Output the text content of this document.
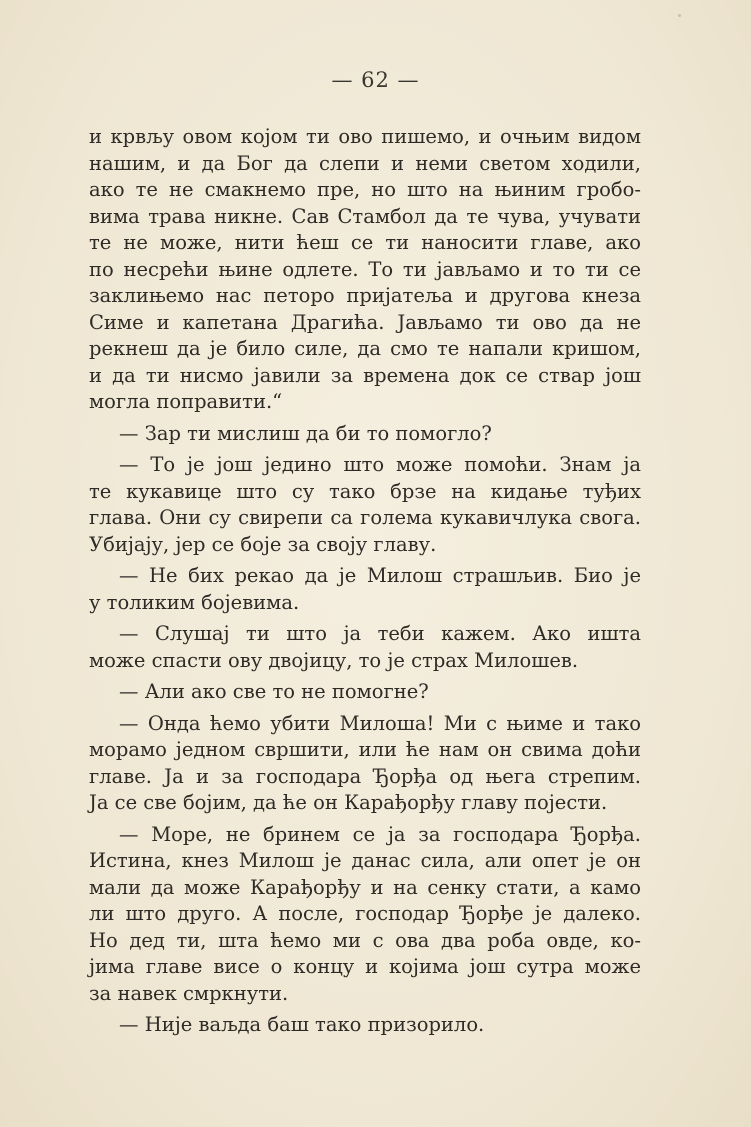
— 62 —
и крвљу овом којом ти ово пишемо, и очњим видом
нашим, и да Бог да слепи и неми светом ходили,
ако те не смакнемо пре, но што на њиним гробо-
вима трава никне. Сав Стамбол да те чува, учувати
те не може, нити ћеш се ти наносити главе, ако
по несрећи њине одлете. То ти јављамо и то ти се
заклињемо нас петоро пријатеља и другова кнеза
Симе и капетана Драгића. Јављамо ти ово да не
рекнеш да је било силе, да смо те напали кришом,
и да ти нисмо јавили за времена док се ствар још
могла поправити.“
— Зар ти мислиш да би то помогло?
— То је још једино што може помоћи. Знам ја
те кукавице што су тако брзе на кидање туђих
глава. Они су свирепи са голема кукавичлука свога.
Убијају, јер се боје за своју главу.
— Не бих рекао да је Милош страшљив. Био је
у толиким бојевима.
— Слушај ти што ја теби кажем. Ако ишта
може спасти ову двојицу, то је страх Милошев.
— Али ако све то не помогне?
— Онда ћемо убити Милоша! Ми с њиме и тако
морамо једном свршити, или ће нам он свима доћи
главе. Ја и за господара Ђорђа од њега стрепим.
Ја се све бојим, да ће он Карађорђу главу појести.
— Море, не бринем се ја за господара Ђорђа.
Истина, кнез Милош је данас сила, али опет је он
мали да може Карађорђу и на сенку стати, а камо
ли што друго. А после, господар Ђорђе је далеко.
Но дед ти, шта ћемо ми с ова два роба овде, ко-
јима главе висе о концу и којима још сутра може
за навек смркнути.
— Није ваљда баш тако призорило.
